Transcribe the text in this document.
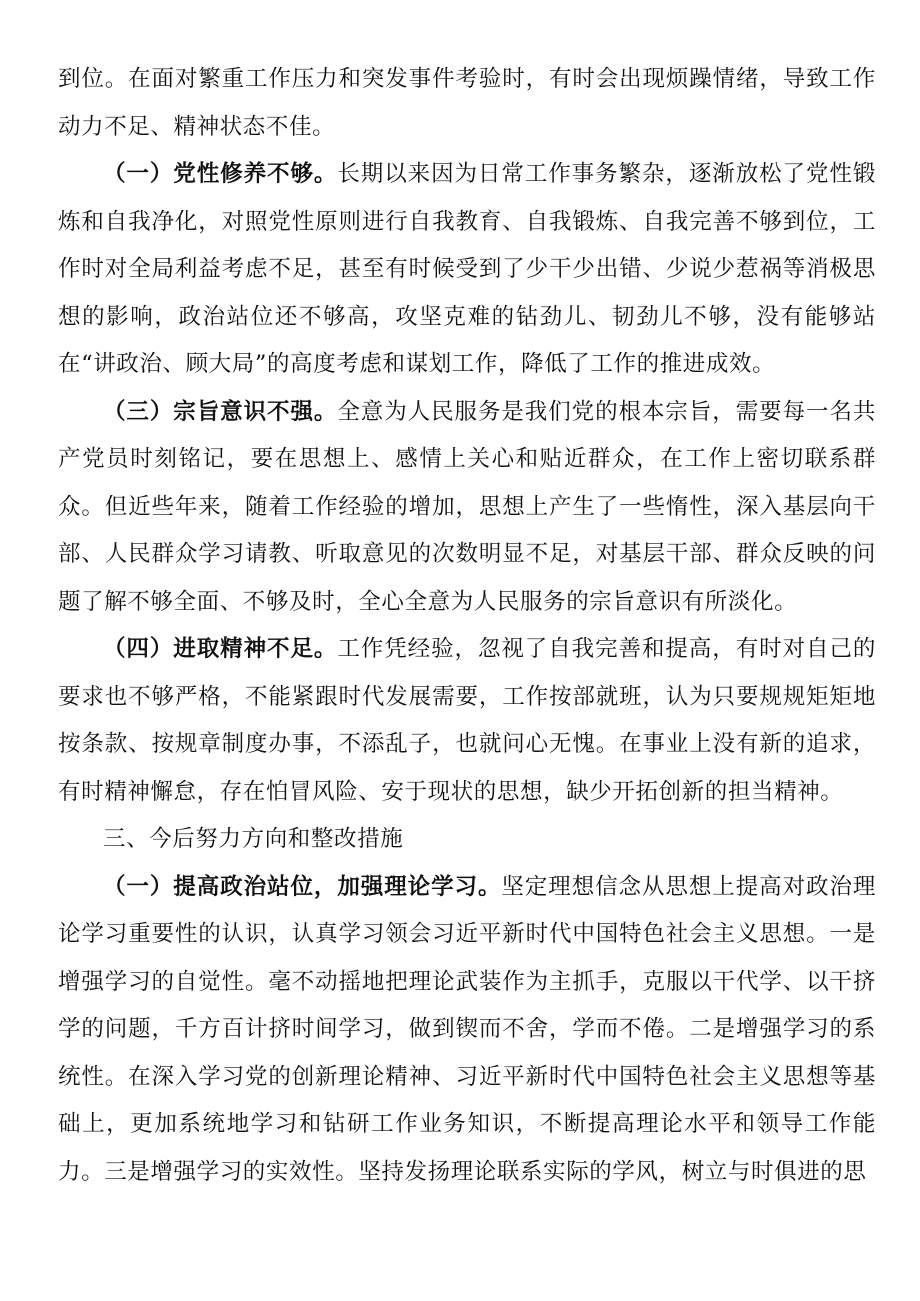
到位。在面对繁重工作压力和突发事件考验时，有时会出现烦躁情绪，导致工作动力不足、精神状态不佳。

（一）党性修养不够。长期以来因为日常工作事务繁杂，逐渐放松了党性锻炼和自我净化，对照党性原则进行自我教育、自我锻炼、自我完善不够到位，工作时对全局利益考虑不足，甚至有时候受到了少干少出错、少说少惹祸等消极思想的影响，政治站位还不够高，攻坚克难的钻劲儿、韧劲儿不够，没有能够站在“讲政治、顾大局”的高度考虑和谋划工作，降低了工作的推进成效。

（三）宗旨意识不强。全意为人民服务是我们党的根本宗旨，需要每一名共产党员时刻铭记，要在思想上、感情上关心和贴近群众，在工作上密切联系群众。但近些年来，随着工作经验的增加，思想上产生了一些惰性，深入基层向干部、人民群众学习请教、听取意见的次数明显不足，对基层干部、群众反映的问题了解不够全面、不够及时，全心全意为人民服务的宗旨意识有所淡化。

（四）进取精神不足。工作凭经验，忽视了自我完善和提高，有时对自己的要求也不够严格，不能紧跟时代发展需要，工作按部就班，认为只要规规矩矩地按条款、按规章制度办事，不添乱子，也就问心无愧。在事业上没有新的追求，有时精神懈怠，存在怕冒风险、安于现状的思想，缺少开拓创新的担当精神。

三、今后努力方向和整改措施

（一）提高政治站位，加强理论学习。坚定理想信念从思想上提高对政治理论学习重要性的认识，认真学习领会习近平新时代中国特色社会主义思想。一是增强学习的自觉性。毫不动摇地把理论武装作为主抓手，克服以干代学、以干挤学的问题，千方百计挤时间学习，做到锲而不舍，学而不倦。二是增强学习的系统性。在深入学习党的创新理论精神、习近平新时代中国特色社会主义思想等基础上，更加系统地学习和钻研工作业务知识，不断提高理论水平和领导工作能力。三是增强学习的实效性。坚持发扬理论联系实际的学风，树立与时俱进的思
